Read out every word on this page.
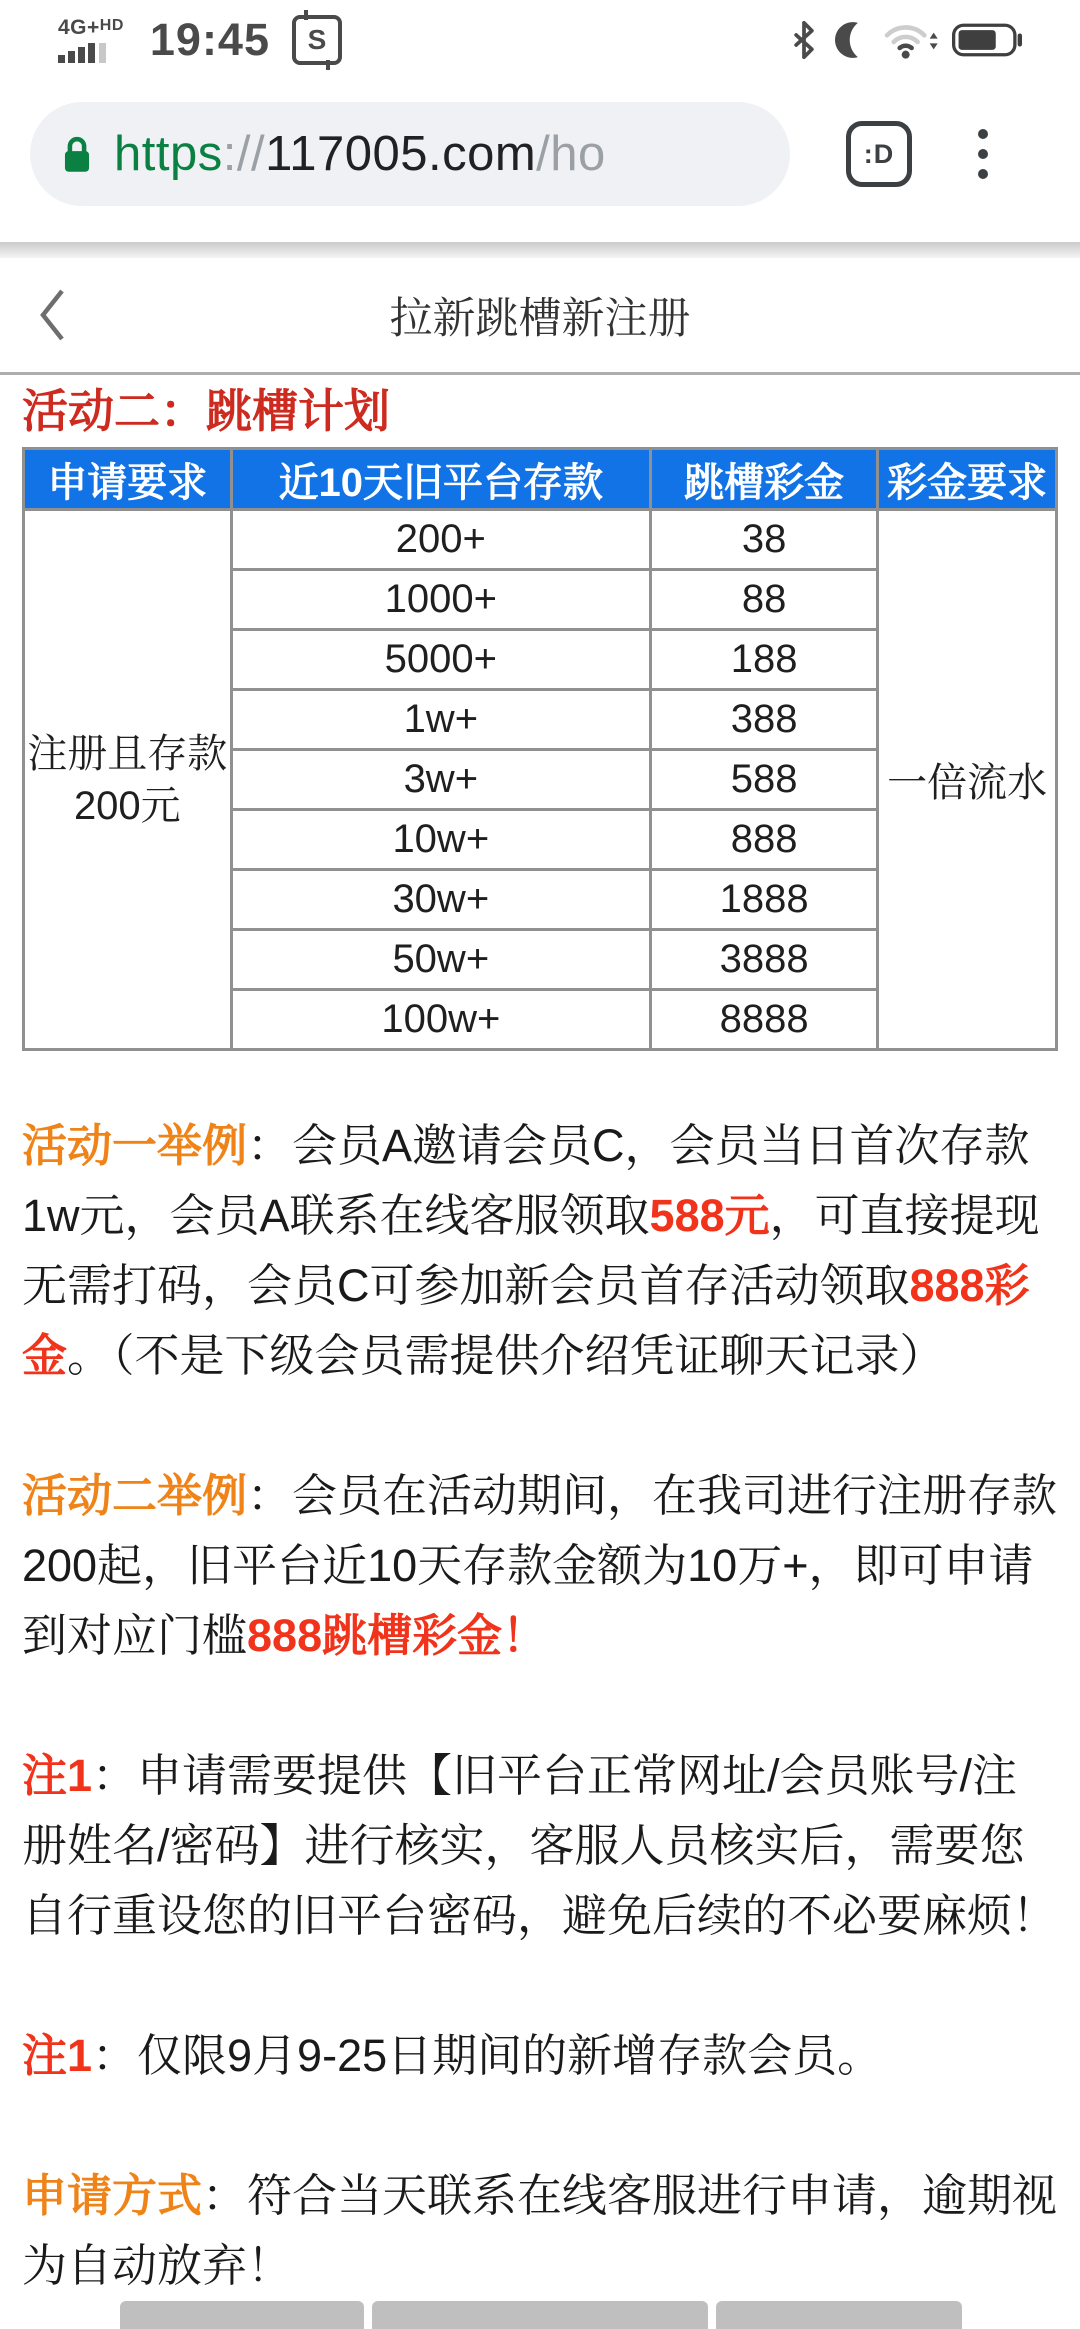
4G+HD 19:45 S
https://117005.com/ho	:D
拉新跳槽新注册
活动二：跳槽计划
申请要求	近10天旧平台存款	跳槽彩金	彩金要求

注册且存款
200元	200+	38	一倍流水
	1000+	88	
	5000+	188	
	1w+	388	
	3w+	588	
	10w+	888	
	30w+	1888	
	50w+	3888	
	100w+	8888	

活动一举例：会员A邀请会员C，会员当日首次存款1w元，会员A联系在线客服领取588元，可直接提现无需打码，会员C可参加新会员首存活动领取888彩金。（不是下级会员需提供介绍凭证聊天记录）

活动二举例：会员在活动期间，在我司进行注册存款200起，旧平台近10天存款金额为10万+，即可申请到对应门槛888跳槽彩金！

注1：申请需要提供【旧平台正常网址/会员账号/注册姓名/密码】进行核实，客服人员核实后，需要您自行重设您的旧平台密码，避免后续的不必要麻烦！

注1：仅限9月9-25日期间的新增存款会员。

申请方式：符合当天联系在线客服进行申请，逾期视为自动放弃！
